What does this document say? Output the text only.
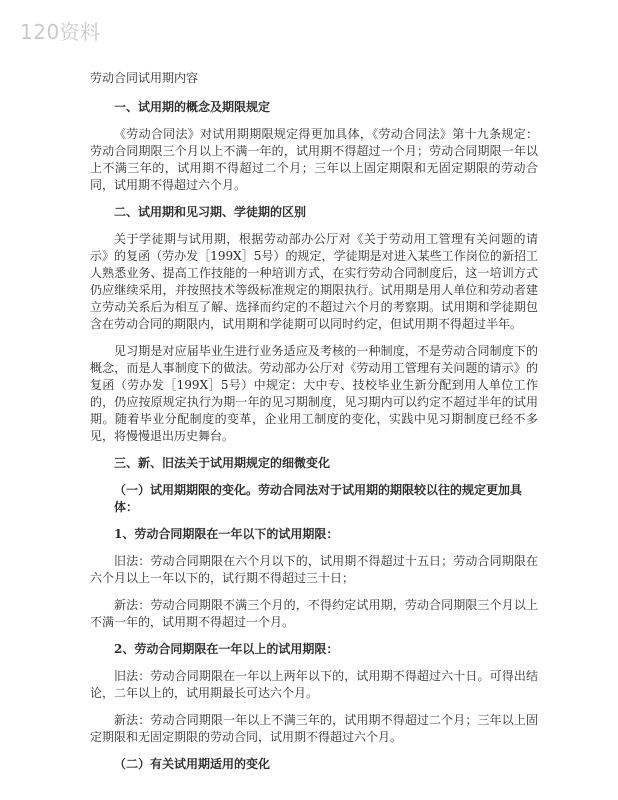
120资料

劳动合同试用期内容

一、试用期的概念及期限规定

《劳动合同法》对试用期期限规定得更加具体，《劳动合同法》第十九条规定：劳动合同期限三个月以上不满一年的，试用期不得超过一个月；劳动合同期限一年以上不满三年的，试用期不得超过二个月；三年以上固定期限和无固定期限的劳动合同，试用期不得超过六个月。

二、试用期和见习期、学徒期的区别

关于学徒期与试用期，根据劳动部办公厅对《关于劳动用工管理有关问题的请示》的复函（劳办发［199X］5号）的规定，学徒期是对进入某些工作岗位的新招工人熟悉业务、提高工作技能的一种培训方式，在实行劳动合同制度后，这一培训方式仍应继续采用，并按照技术等级标准规定的期限执行。试用期是用人单位和劳动者建立劳动关系后为相互了解、选择而约定的不超过六个月的考察期。试用期和学徒期包含在劳动合同的期限内，试用期和学徒期可以同时约定，但试用期不得超过半年。

见习期是对应届毕业生进行业务适应及考核的一种制度，不是劳动合同制度下的概念，而是人事制度下的做法。劳动部办公厅对《劳动用工管理有关问题的请示》的复函（劳办发［199X］5号）中规定：大中专、技校毕业生新分配到用人单位工作的，仍应按原规定执行为期一年的见习期制度，见习期内可以约定不超过半年的试用期。随着毕业分配制度的变革，企业用工制度的变化，实践中见习期制度已经不多见，将慢慢退出历史舞台。

三、新、旧法关于试用期规定的细微变化

（一）试用期期限的变化。劳动合同法对于试用期的期限较以往的规定更加具体：

1、劳动合同期限在一年以下的试用期限：

旧法：劳动合同期限在六个月以下的，试用期不得超过十五日；劳动合同期限在六个月以上一年以下的，试行期不得超过三十日；

新法：劳动合同期限不满三个月的，不得约定试用期，劳动合同期限三个月以上不满一年的，试用期不得超过一个月。

2、劳动合同期限在一年以上的试用期限：

旧法：劳动合同期限在一年以上两年以下的，试用期不得超过六十日。可得出结论，二年以上的，试用期最长可达六个月。

新法：劳动合同期限一年以上不满三年的，试用期不得超过二个月；三年以上固定期限和无固定期限的劳动合同，试用期不得超过六个月。

（二）有关试用期适用的变化
